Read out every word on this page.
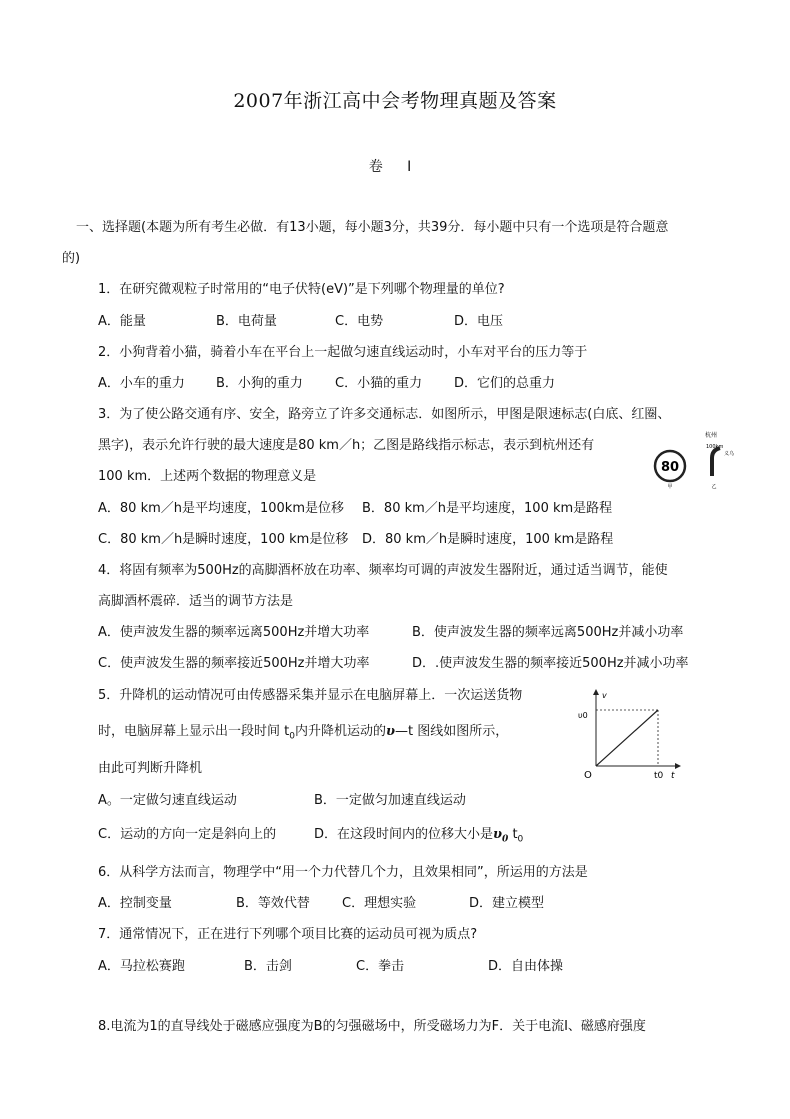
2007年浙江高中会考物理真题及答案
卷 I
一、选择题(本题为所有考生必做．有13小题，每小题3分，共39分．每小题中只有一个选项是符合题意
的)
1．在研究微观粒子时常用的“电子伏特(eV)”是下列哪个物理量的单位?
A．能量	B．电荷量	C．电势	D．电压
2．小狗背着小猫，骑着小车在平台上一起做匀速直线运动时，小车对平台的压力等于
A．小车的重力 B．小狗的重力 C．小猫的重力 D．它们的总重力
3．为了使公路交通有序、安全，路旁立了许多交通标志．如图所示，甲图是限速标志(白底、红圈、
黑字)，表示允许行驶的最大速度是80 km／h；乙图是路线指示标志，表示到杭州还有
100 km．上述两个数据的物理意义是
A．80 km／h是平均速度，100km是位移 B．80 km／h是平均速度，100 km是路程
C．80 km／h是瞬时速度，100 km是位移 D．80 km／h是瞬时速度，100 km是路程
80
甲
杭州
100km
义乌
乙
4．将固有频率为500Hz的高脚酒杯放在功率、频率均可调的声波发生器附近，通过适当调节，能使
高脚酒杯震碎．适当的调节方法是
A．使声波发生器的频率远离500Hz并增大功率	B．使声波发生器的频率远离500Hz并减小功率
C．使声波发生器的频率接近500Hz并增大功率	D．.使声波发生器的频率接近500Hz并减小功率
5．升降机的运动情况可由传感器采集并显示在电脑屏幕上．一次运送货物
时，电脑屏幕上显示出一段时间 $t_0$内升降机运动的υ—t 图线如图所示，
由此可判断升降机
A。一定做匀速直线运动	B．一定做匀加速直线运动
C．运动的方向一定是斜向上的	D．在这段时间内的位移大小是$\upsilon_0$ $t_0$
v
υ0
O	t0 t
6．从科学方法而言，物理学中“用一个力代替几个力，且效果相同”，所运用的方法是
A．控制变量	B．等效代替 C．理想实验	D．建立模型
7．通常情况下，正在进行下列哪个项目比赛的运动员可视为质点?
A．马拉松赛跑	B．击剑	C．拳击	D．自由体操
8.电流为1的直导线处于磁感应强度为B的匀强磁场中，所受磁场力为F．关于电流I、磁感府强度
